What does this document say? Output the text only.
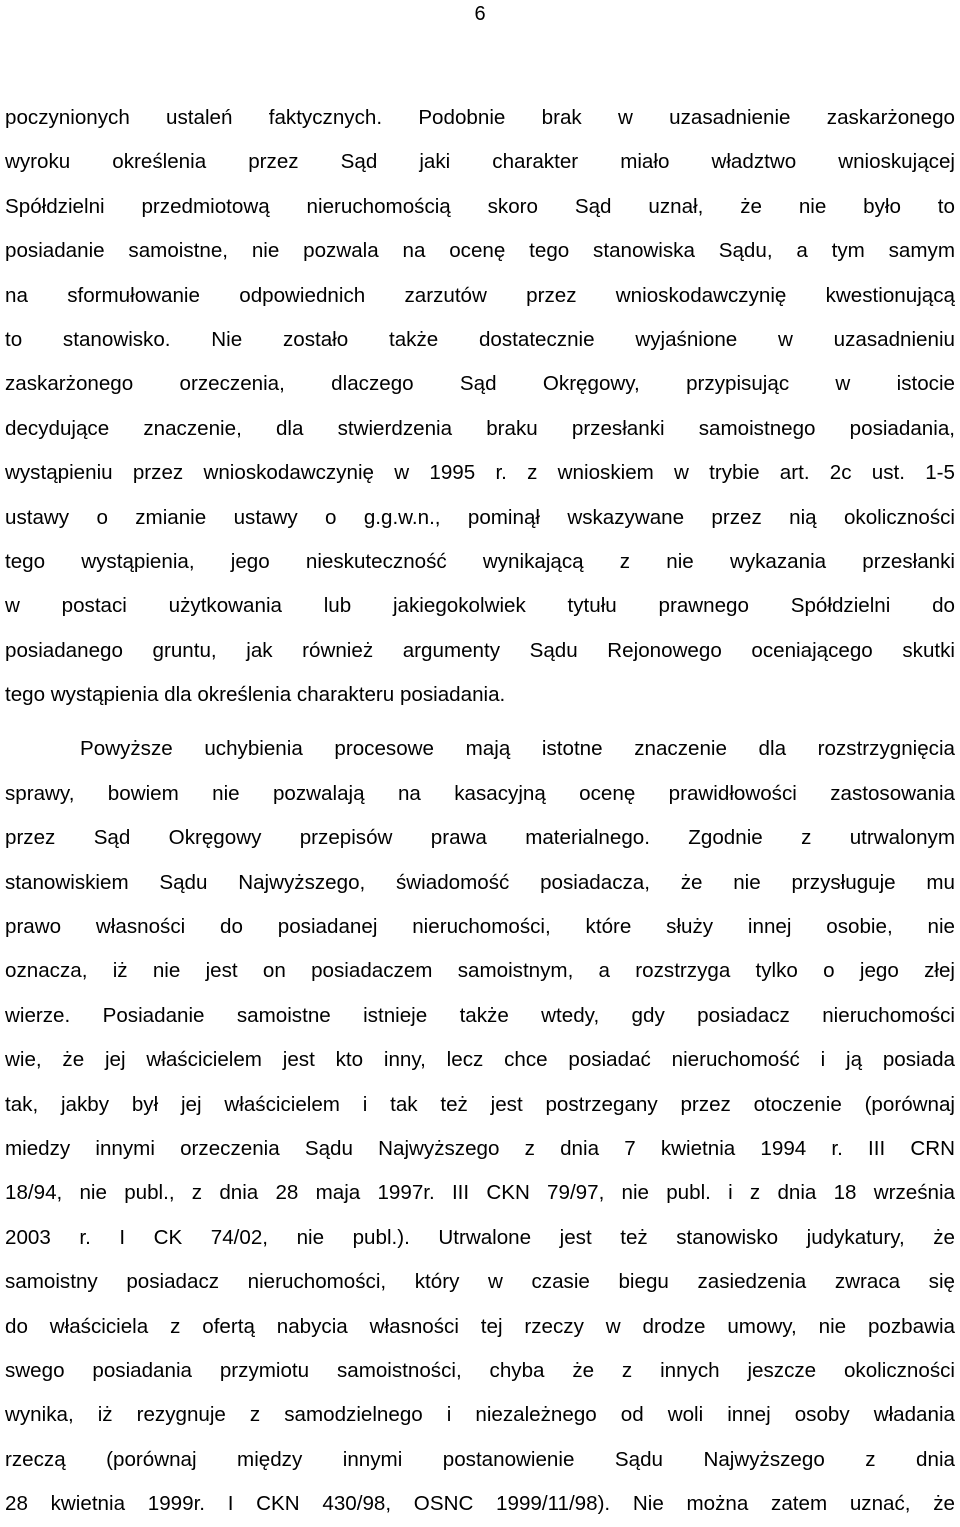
6
poczynionych ustaleń faktycznych. Podobnie brak w uzasadnienie zaskarżonego
wyroku określenia przez Sąd jaki charakter miało władztwo wnioskującej
Spółdzielni przedmiotową nieruchomością skoro Sąd uznał, że nie było to
posiadanie samoistne, nie pozwala na ocenę tego stanowiska Sądu, a tym samym
na sformułowanie odpowiednich zarzutów przez wnioskodawczynię kwestionującą
to stanowisko. Nie zostało także dostatecznie wyjaśnione w uzasadnieniu
zaskarżonego orzeczenia, dlaczego Sąd Okręgowy, przypisując w istocie
decydujące znaczenie, dla stwierdzenia braku przesłanki samoistnego posiadania,
wystąpieniu przez wnioskodawczynię w 1995 r. z wnioskiem w trybie art. 2c ust. 1-5
ustawy o zmianie ustawy o g.g.w.n., pominął wskazywane przez nią okoliczności
tego wystąpienia, jego nieskuteczność wynikającą z nie wykazania przesłanki
w postaci użytkowania lub jakiegokolwiek tytułu prawnego Spółdzielni do
posiadanego gruntu, jak również argumenty Sądu Rejonowego oceniającego skutki
tego wystąpienia dla określenia charakteru posiadania.
Powyższe uchybienia procesowe mają istotne znaczenie dla rozstrzygnięcia
sprawy, bowiem nie pozwalają na kasacyjną ocenę prawidłowości zastosowania
przez Sąd Okręgowy przepisów prawa materialnego. Zgodnie z utrwalonym
stanowiskiem Sądu Najwyższego, świadomość posiadacza, że nie przysługuje mu
prawo własności do posiadanej nieruchomości, które służy innej osobie, nie
oznacza, iż nie jest on posiadaczem samoistnym, a rozstrzyga tylko o jego złej
wierze. Posiadanie samoistne istnieje także wtedy, gdy posiadacz nieruchomości
wie, że jej właścicielem jest kto inny, lecz chce posiadać nieruchomość i ją posiada
tak, jakby był jej właścicielem i tak też jest postrzegany przez otoczenie (porównaj
miedzy innymi orzeczenia Sądu Najwyższego z dnia 7 kwietnia 1994 r. III CRN
18/94, nie publ., z dnia 28 maja 1997r. III CKN 79/97, nie publ. i z dnia 18 września
2003 r. I CK 74/02, nie publ.). Utrwalone jest też stanowisko judykatury, że
samoistny posiadacz nieruchomości, który w czasie biegu zasiedzenia zwraca się
do właściciela z ofertą nabycia własności tej rzeczy w drodze umowy, nie pozbawia
swego posiadania przymiotu samoistności, chyba że z innych jeszcze okoliczności
wynika, iż rezygnuje z samodzielnego i niezależnego od woli innej osoby władania
rzeczą (porównaj między innymi postanowienie Sądu Najwyższego z dnia
28 kwietnia 1999r. I CKN 430/98, OSNC 1999/11/98). Nie można zatem uznać, że
